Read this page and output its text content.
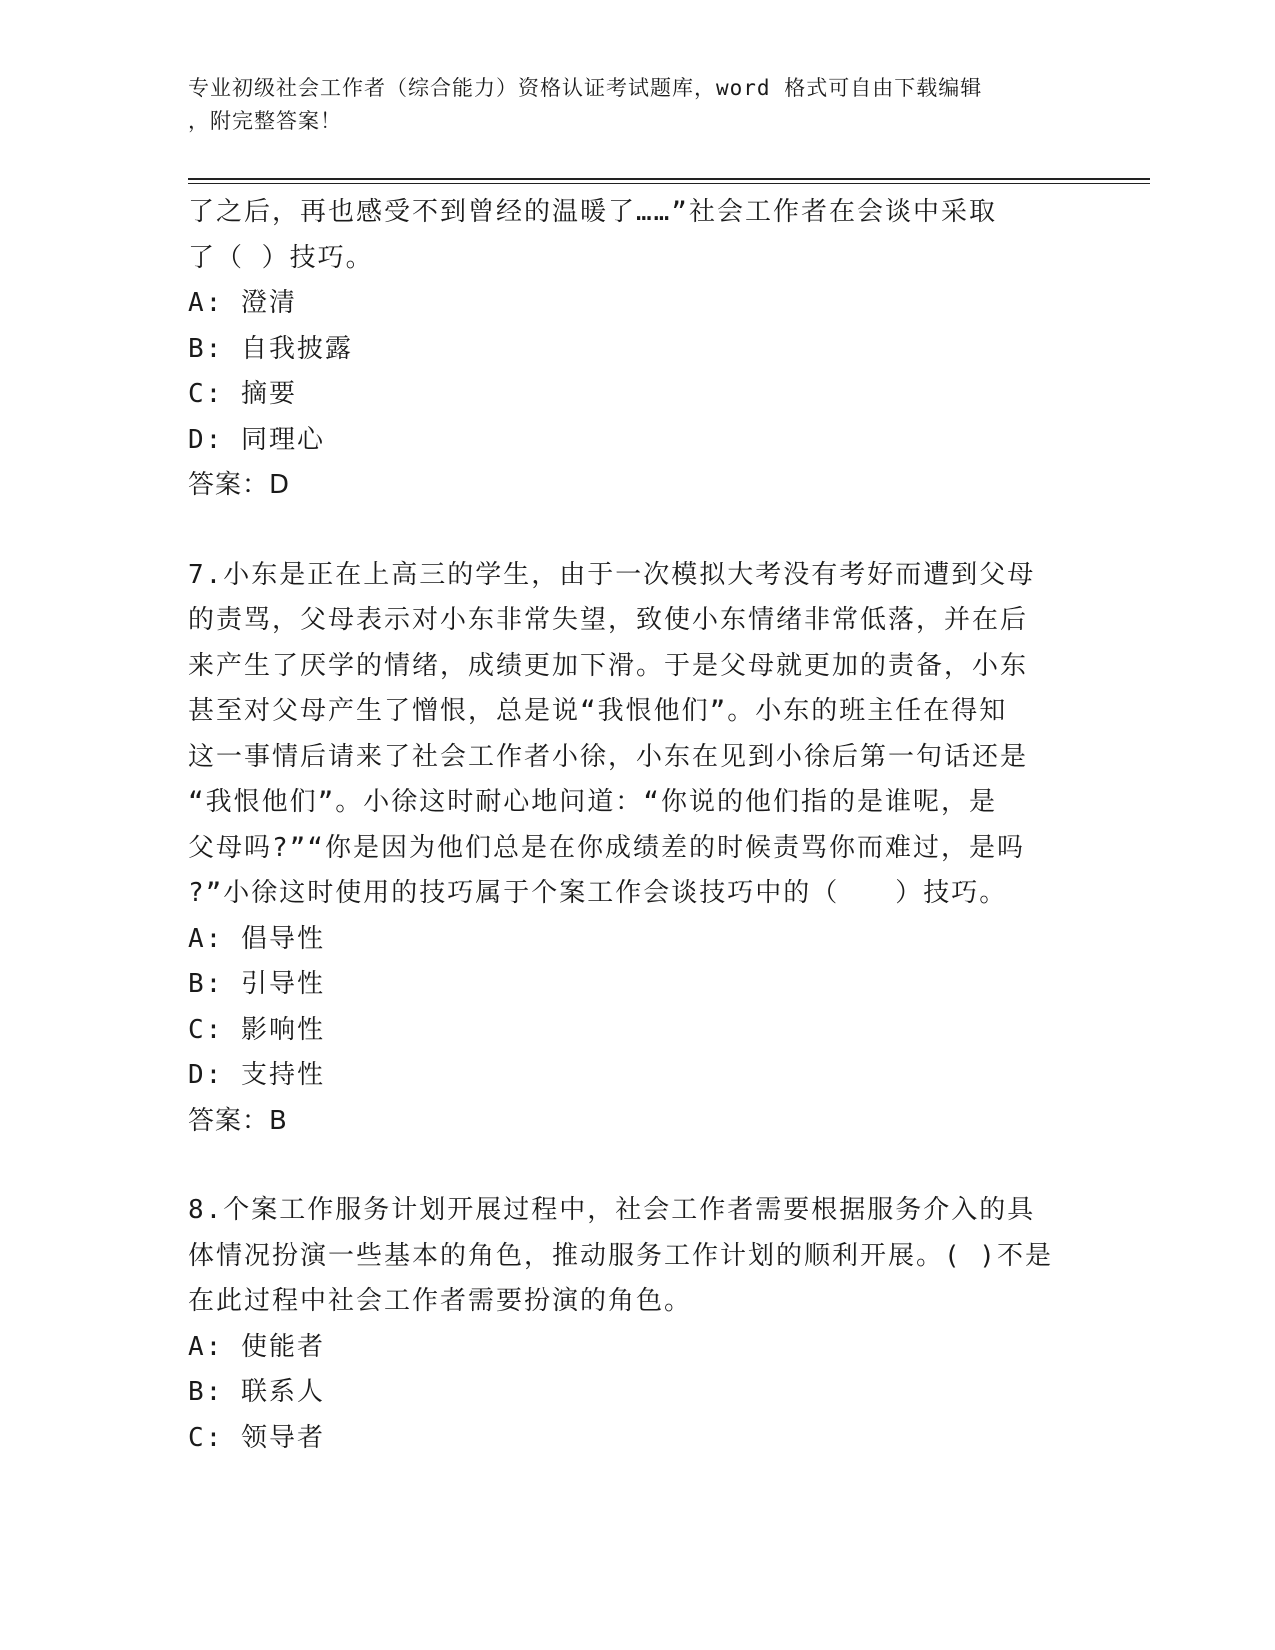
专业初级社会工作者（综合能力）资格认证考试题库，word 格式可自由下载编辑
，附完整答案！

了之后，再也感受不到曾经的温暖了……”社会工作者在会谈中采取

了（ ）技巧。

A: 澄清

B: 自我披露

C: 摘要

D: 同理心

答案：D

7.小东是正在上高三的学生，由于一次模拟大考没有考好而遭到父母

的责骂，父母表示对小东非常失望，致使小东情绪非常低落，并在后

来产生了厌学的情绪，成绩更加下滑。于是父母就更加的责备，小东

甚至对父母产生了憎恨，总是说“我恨他们”。小东的班主任在得知

这一事情后请来了社会工作者小徐，小东在见到小徐后第一句话还是

“我恨他们”。小徐这时耐心地问道：“你说的他们指的是谁呢，是

父母吗?”“你是因为他们总是在你成绩差的时候责骂你而难过，是吗

?”小徐这时使用的技巧属于个案工作会谈技巧中的（　　）技巧。

A: 倡导性

B: 引导性

C: 影响性

D: 支持性

答案：B

8.个案工作服务计划开展过程中，社会工作者需要根据服务介入的具

体情况扮演一些基本的角色，推动服务工作计划的顺利开展。( )不是

在此过程中社会工作者需要扮演的角色。

A: 使能者

B: 联系人

C: 领导者
